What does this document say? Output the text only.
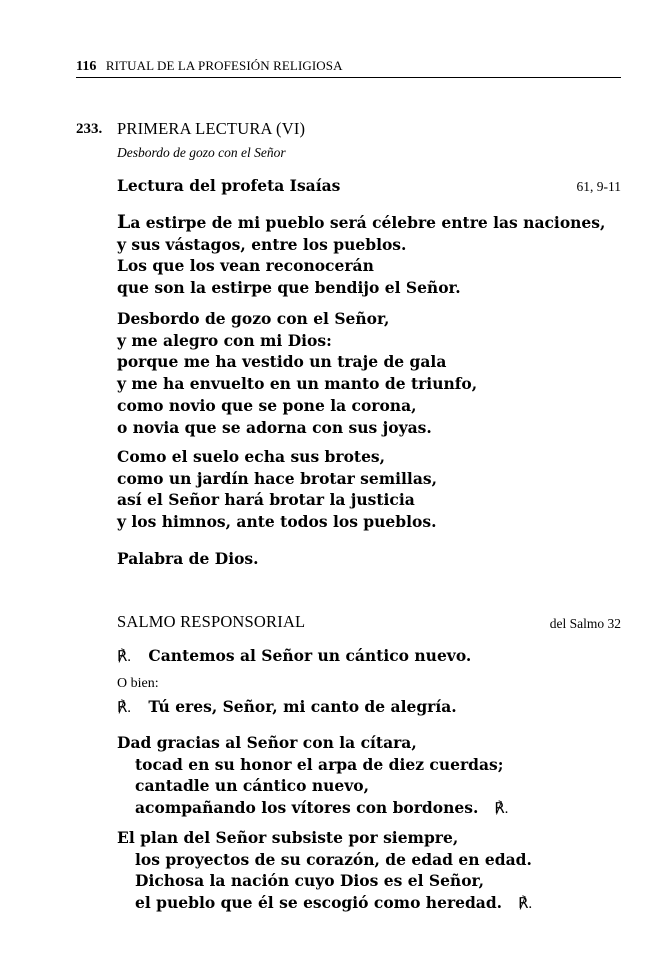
116 RITUAL DE LA PROFESIÓN RELIGIOSA
233. PRIMERA LECTURA (VI)
Desbordo de gozo con el Señor
Lectura del profeta Isaías	61, 9-11
La estirpe de mi pueblo será célebre entre las naciones,
y sus vástagos, entre los pueblos.
Los que los vean reconocerán
que son la estirpe que bendijo el Señor.
Desbordo de gozo con el Señor,
y me alegro con mi Dios:
porque me ha vestido un traje de gala
y me ha envuelto en un manto de triunfo,
como novio que se pone la corona,
o novia que se adorna con sus joyas.
Como el suelo echa sus brotes,
como un jardín hace brotar semillas,
así el Señor hará brotar la justicia
y los himnos, ante todos los pueblos.
Palabra de Dios.
SALMO RESPONSORIAL	del Salmo 32
℟. Cantemos al Señor un cántico nuevo.
O bien:
℟. Tú eres, Señor, mi canto de alegría.
Dad gracias al Señor con la cítara,
tocad en su honor el arpa de diez cuerdas;
cantadle un cántico nuevo,
acompañando los vítores con bordones. ℟.
El plan del Señor subsiste por siempre,
los proyectos de su corazón, de edad en edad.
Dichosa la nación cuyo Dios es el Señor,
el pueblo que él se escogió como heredad. ℟.
